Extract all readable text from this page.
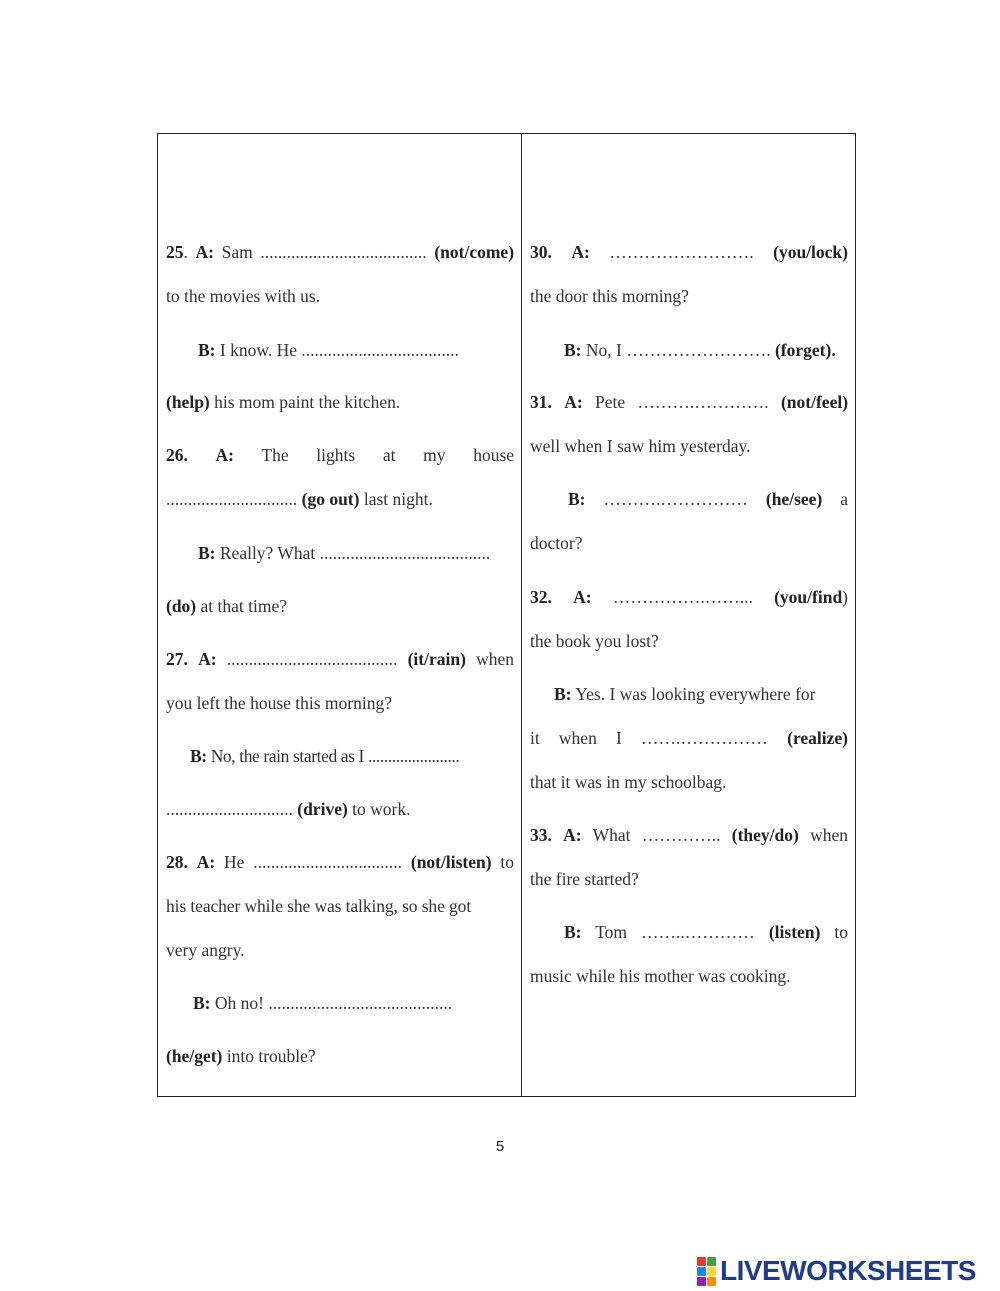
25. A: Sam ...................................... (not/come)
to the movies with us.
B: I know. He ....................................
(help) his mom paint the kitchen.
26. A: The lights at my house
.............................. (go out) last night.
B: Really? What .......................................
(do) at that time?
27. A: ....................................... (it/rain) when
you left the house this morning?
B: No, the rain started as I .......................
............................. (drive) to work.
28. A: He .................................. (not/listen) to
his teacher while she was talking, so she got
very angry.
B: Oh no! ..........................................
(he/get) into trouble?
30. A: ……………………. (you/lock)
the door this morning?
B: No, I ……………………. (forget).
31. A: Pete ……….…………. (not/feel)
well when I saw him yesterday.
B: ……….…………… (he/see) a
doctor?
32. A: …………….……... (you/find)
the book you lost?
B: Yes. I was looking everywhere for
it when I …….…………… (realize)
that it was in my schoolbag.
33. A: What ………….. (they/do) when
the fire started?
B: Tom ……..………… (listen) to
music while his mother was cooking.
5
LIVEWORKSHEETS
